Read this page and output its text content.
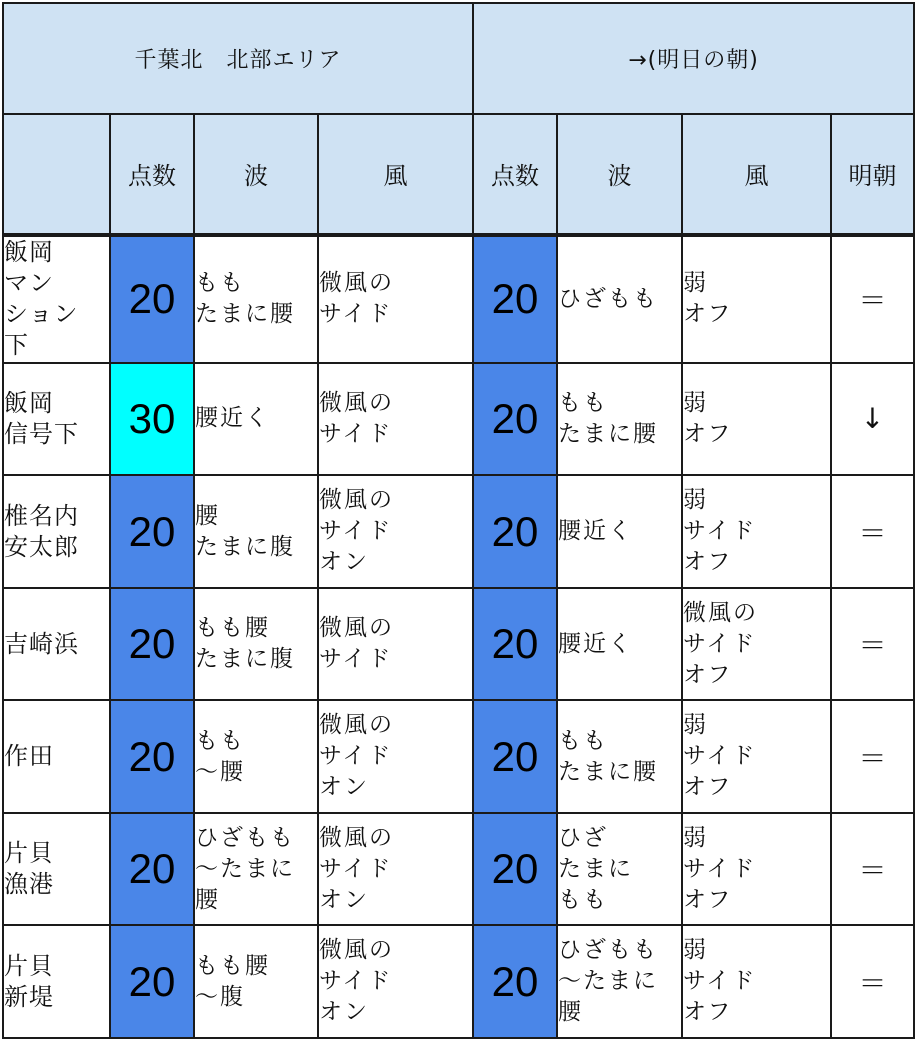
千葉北　北部エリア				→(明日の朝)			
	点数	波	風	点数	波	風	明朝

飯岡
マン
ション
下	20	もも
たまに腰	微風の
サイド	20	ひざもも	弱
オフ	＝

飯岡
信号下	30	腰近く	微風の
サイド	20	もも
たまに腰	弱
オフ	↓

椎名内
安太郎	20	腰
たまに腹	微風の
サイド
オン	20	腰近く	弱
サイド
オフ	＝

吉崎浜	20	もも腰
たまに腹	微風の
サイド	20	腰近く	微風の
サイド
オフ	＝

作田	20	もも
〜腰	微風の
サイド
オン	20	もも
たまに腰	弱
サイド
オフ	＝

片貝
漁港	20	ひざもも
〜たまに
腰	微風の
サイド
オン	20	ひざ
たまに
もも	弱
サイド
オフ	＝

片貝
新堤	20	もも腰
〜腹	微風の
サイド
オン	20	ひざもも
〜たまに
腰	弱
サイド
オフ	＝
